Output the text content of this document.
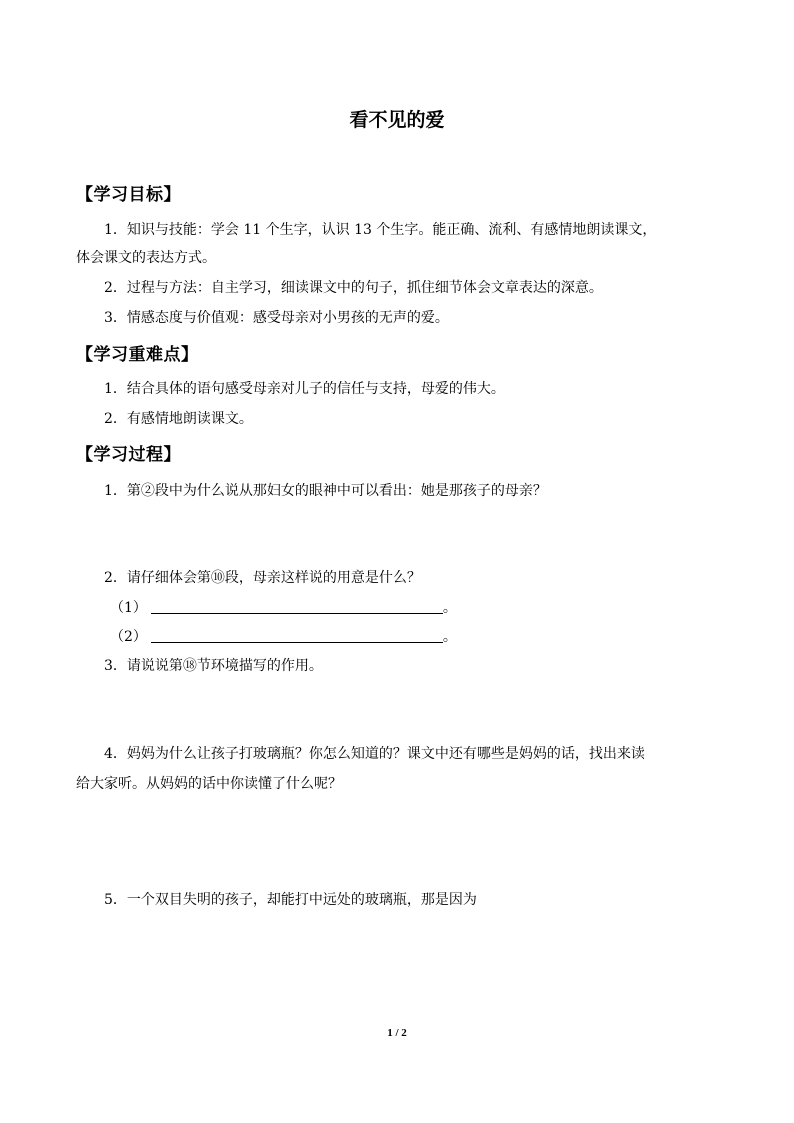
看不见的爱
【学习目标】
1．知识与技能：学会 11 个生字，认识 13 个生字。能正确、流利、有感情地朗读课文，
体会课文的表达方式。
2．过程与方法：自主学习，细读课文中的句子，抓住细节体会文章表达的深意。
3．情感态度与价值观：感受母亲对小男孩的无声的爱。
【学习重难点】
1．结合具体的语句感受母亲对儿子的信任与支持，母爱的伟大。
2．有感情地朗读课文。
【学习过程】
1．第②段中为什么说从那妇女的眼神中可以看出：她是那孩子的母亲？
2．请仔细体会第⑩段，母亲这样说的用意是什么？
（1）	。
（2）	。
3．请说说第⑱节环境描写的作用。
4．妈妈为什么让孩子打玻璃瓶？你怎么知道的？课文中还有哪些是妈妈的话，找出来读
给大家听。从妈妈的话中你读懂了什么呢？
5．一个双目失明的孩子，却能打中远处的玻璃瓶，那是因为
1 / 2
